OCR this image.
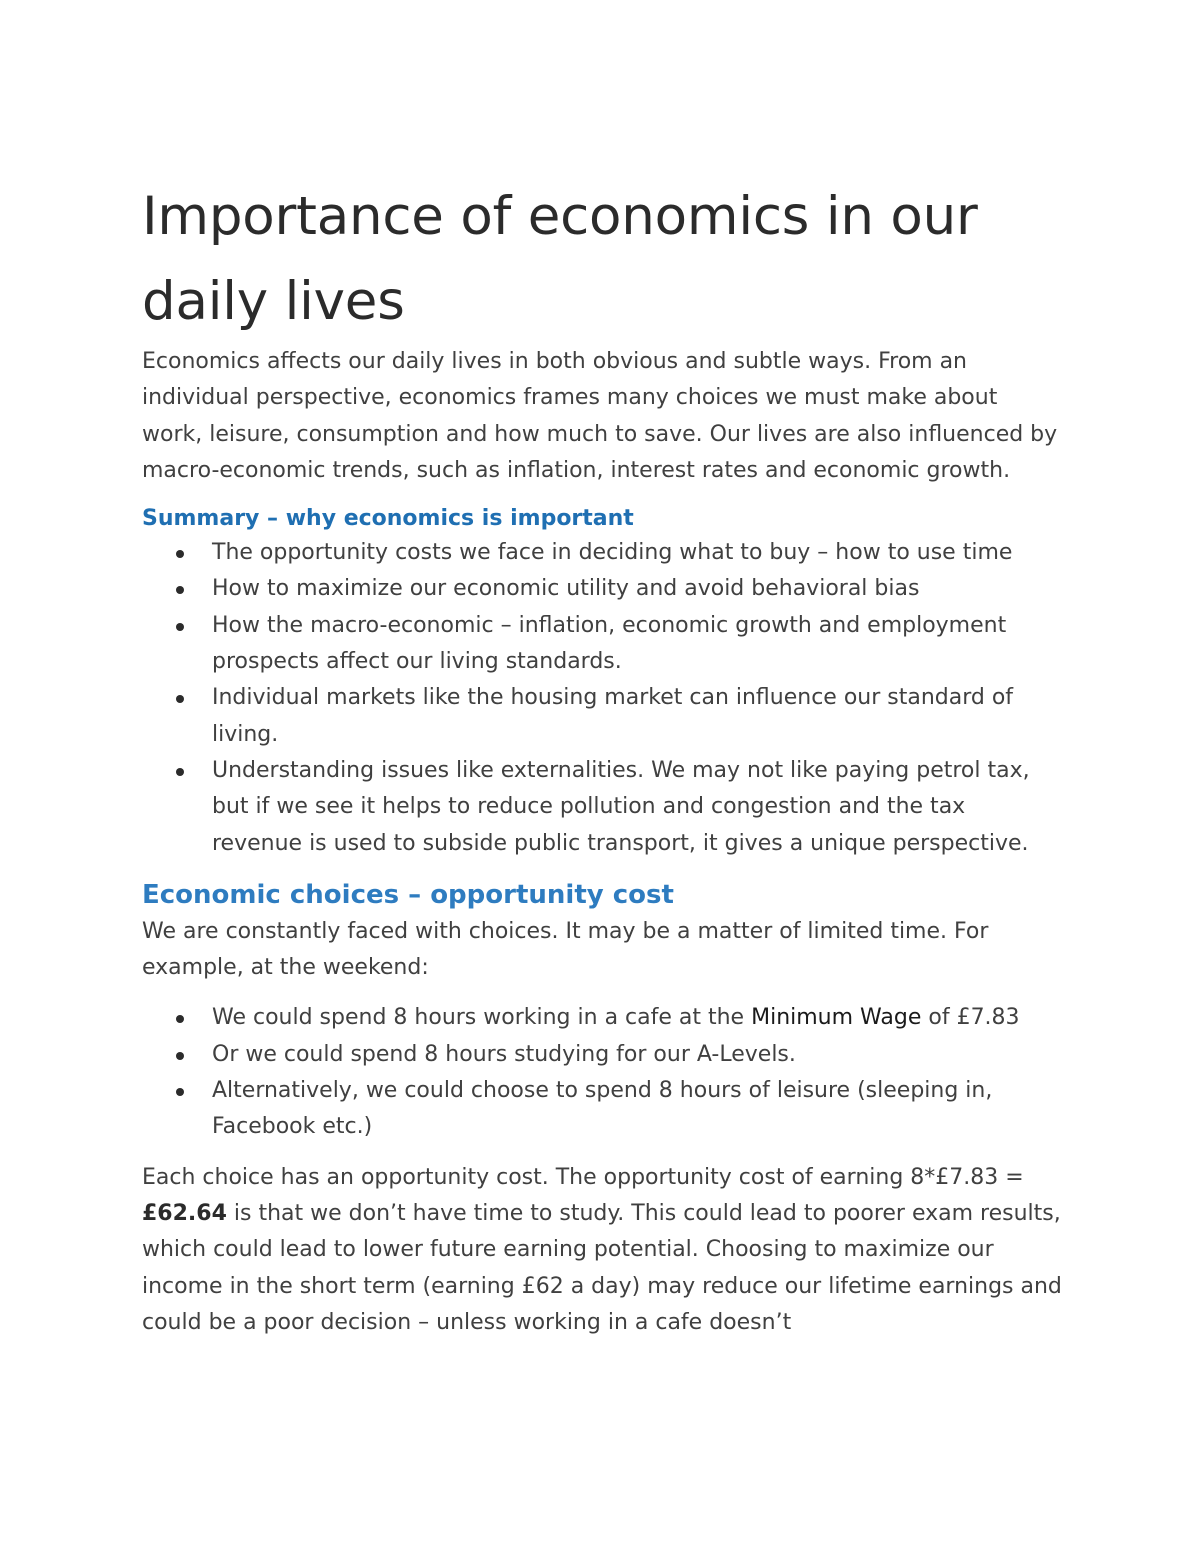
Importance of economics in our daily lives

Economics affects our daily lives in both obvious and subtle ways. From an individual perspective, economics frames many choices we must make about work, leisure, consumption and how much to save. Our lives are also influenced by macro-economic trends, such as inflation, interest rates and economic growth.

Summary – why economics is important
The opportunity costs we face in deciding what to buy – how to use time
How to maximize our economic utility and avoid behavioral bias
How the macro-economic – inflation, economic growth and employment prospects affect our living standards.
Individual markets like the housing market can influence our standard of living.
Understanding issues like externalities. We may not like paying petrol tax, but if we see it helps to reduce pollution and congestion and the tax revenue is used to subside public transport, it gives a unique perspective.
Economic choices – opportunity cost

We are constantly faced with choices. It may be a matter of limited time. For example, at the weekend:

We could spend 8 hours working in a cafe at the Minimum Wage of £7.83
Or we could spend 8 hours studying for our A-Levels.
Alternatively, we could choose to spend 8 hours of leisure (sleeping in, Facebook etc.)

Each choice has an opportunity cost. The opportunity cost of earning 8*£7.83 = £62.64 is that we don’t have time to study. This could lead to poorer exam results, which could lead to lower future earning potential. Choosing to maximize our income in the short term (earning £62 a day) may reduce our lifetime earnings and could be a poor decision – unless working in a cafe doesn’t
